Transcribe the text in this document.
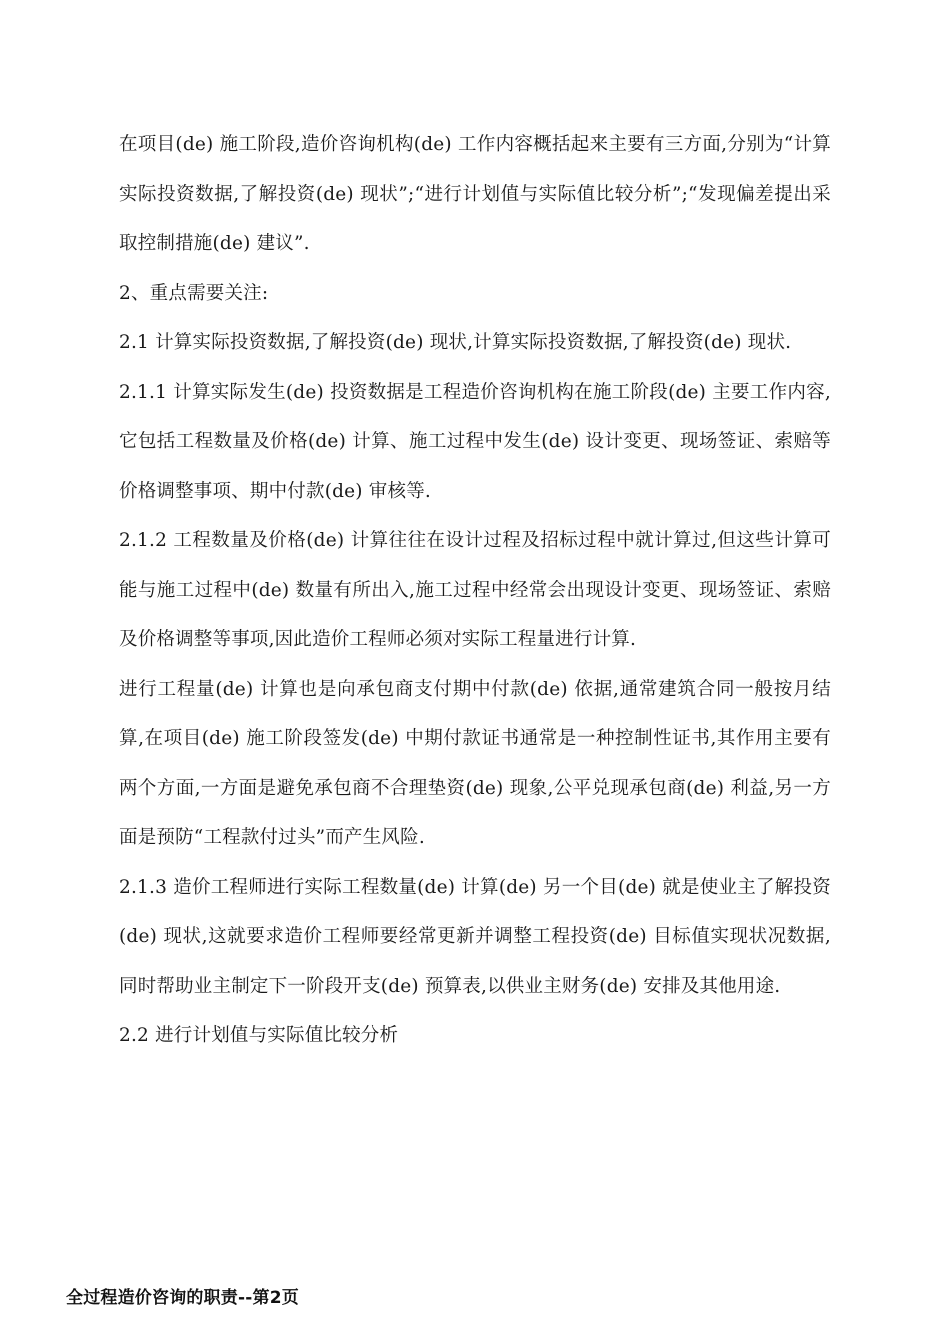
在项目(de) 施工阶段,造价咨询机构(de) 工作内容概括起来主要有三方面,分别为“计算实际投资数据,了解投资(de) 现状”;“进行计划值与实际值比较分析”;“发现偏差提出采取控制措施(de) 建议”.

2、重点需要关注:

2.1 计算实际投资数据,了解投资(de) 现状,计算实际投资数据,了解投资(de) 现状.

2.1.1 计算实际发生(de) 投资数据是工程造价咨询机构在施工阶段(de) 主要工作内容,它包括工程数量及价格(de) 计算、施工过程中发生(de) 设计变更、现场签证、索赔等价格调整事项、期中付款(de) 审核等.

2.1.2 工程数量及价格(de) 计算往往在设计过程及招标过程中就计算过,但这些计算可能与施工过程中(de) 数量有所出入,施工过程中经常会出现设计变更、现场签证、索赔及价格调整等事项,因此造价工程师必须对实际工程量进行计算.

进行工程量(de) 计算也是向承包商支付期中付款(de) 依据,通常建筑合同一般按月结算,在项目(de) 施工阶段签发(de) 中期付款证书通常是一种控制性证书,其作用主要有两个方面,一方面是避免承包商不合理垫资(de) 现象,公平兑现承包商(de) 利益,另一方面是预防“工程款付过头”而产生风险.

2.1.3 造价工程师进行实际工程数量(de) 计算(de) 另一个目(de) 就是使业主了解投资(de) 现状,这就要求造价工程师要经常更新并调整工程投资(de) 目标值实现状况数据,同时帮助业主制定下一阶段开支(de) 预算表,以供业主财务(de) 安排及其他用途.

2.2 进行计划值与实际值比较分析

全过程造价咨询的职责--第2页
